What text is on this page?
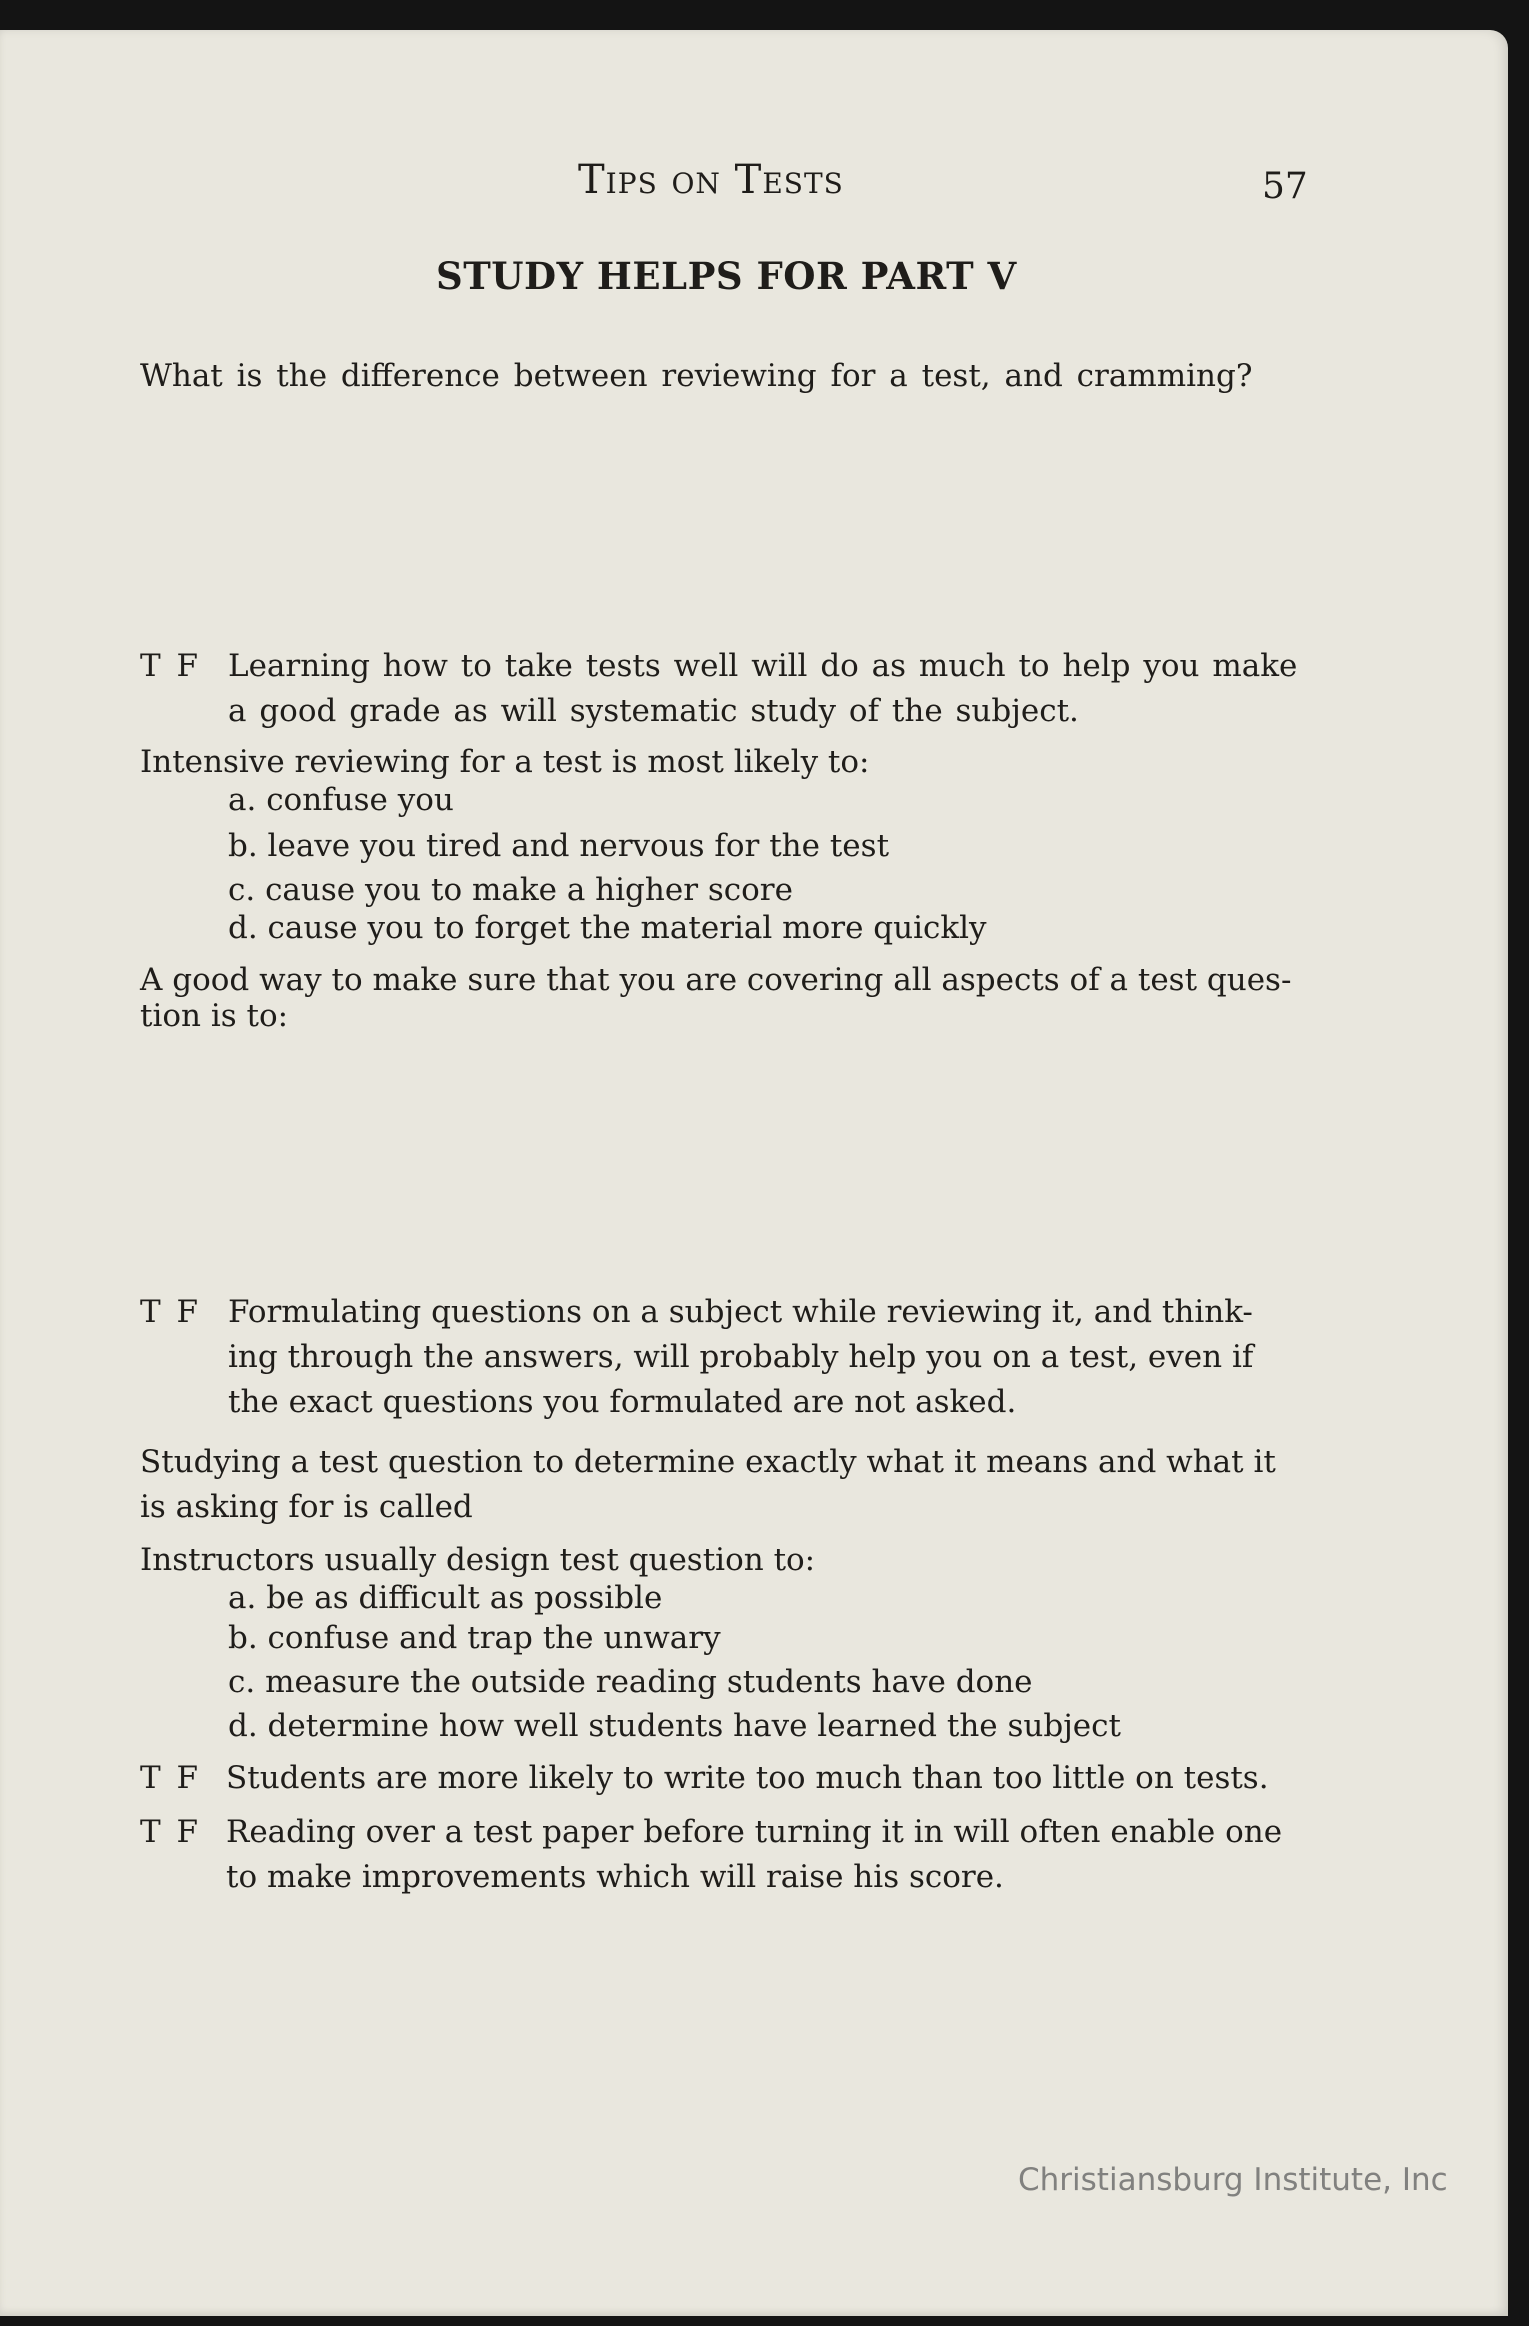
Tips on Tests	57
STUDY HELPS FOR PART V
What is the difference between reviewing for a test, and cramming?
T F Learning how to take tests well will do as much to help you make
a good grade as will systematic study of the subject.
Intensive reviewing for a test is most likely to:
a. confuse you
b. leave you tired and nervous for the test
c. cause you to make a higher score
d. cause you to forget the material more quickly
A good way to make sure that you are covering all aspects of a test ques-
tion is to:
T F Formulating questions on a subject while reviewing it, and think-
ing through the answers, will probably help you on a test, even if
the exact questions you formulated are not asked.
Studying a test question to determine exactly what it means and what it
is asking for is called
Instructors usually design test question to:
a. be as difficult as possible
b. confuse and trap the unwary
c. measure the outside reading students have done
d. determine how well students have learned the subject
T F Students are more likely to write too much than too little on tests.
T F Reading over a test paper before turning it in will often enable one
to make improvements which will raise his score.
Christiansburg Institute, Inc
